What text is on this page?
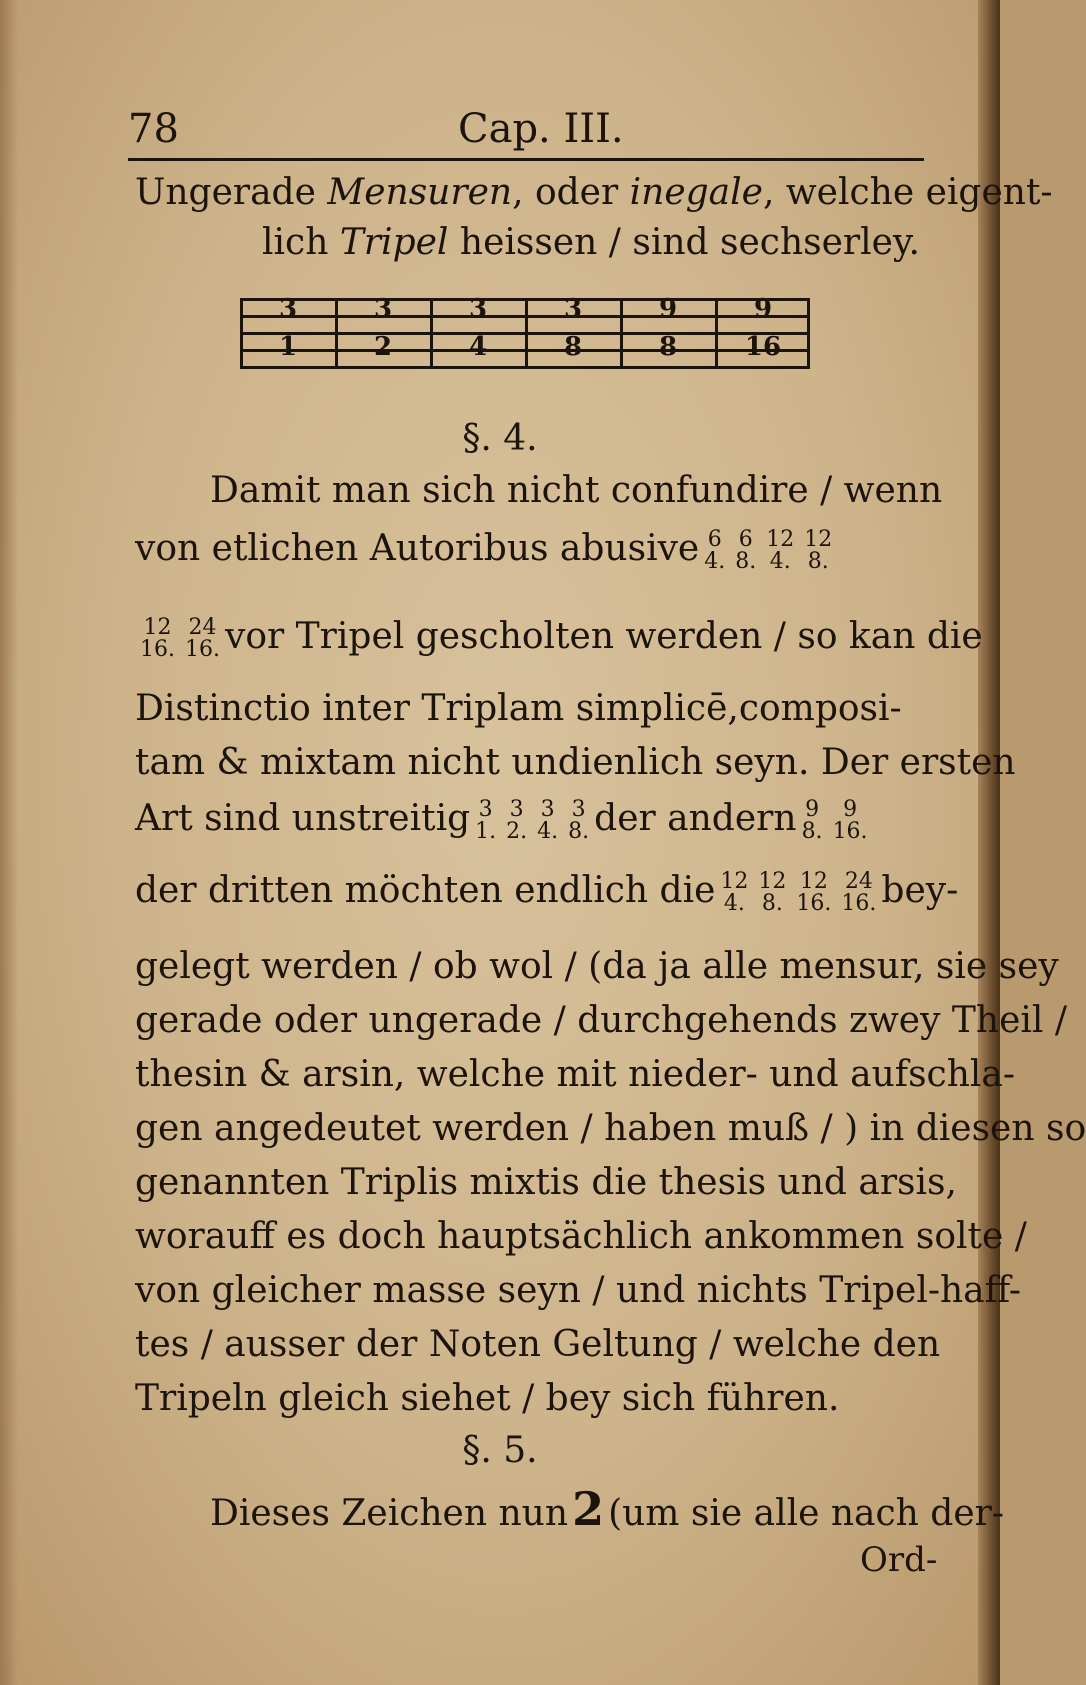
78	Cap. III.
Ungerade Mensuren, oder inegale, welche eigent-
lich Tripel heissen / sind sechserley.
3
1
3
2
3
4
3
8
9
8
9
16
§. 4.
Damit man sich nicht confundire / wenn
von etlichen Autoribus abusive 6
4.
6
8.
12
4.
12
8.
12
16.
24
16. vor Tripel gescholten werden / so kan die
Distinctio inter Triplam simplicē,composi-
tam & mixtam nicht undienlich seyn. Der ersten
Art sind unstreitig 3
1.
3
2.
3
4.
3
8. der andern 9
8.
9
16.
der dritten möchten endlich die 12
4.
12
8.
12
16.
24
16. bey-
gelegt werden / ob wol / (da ja alle mensur, sie sey
gerade oder ungerade / durchgehends zwey Theil /
thesin & arsin, welche mit nieder- und aufschla-
gen angedeutet werden / haben muß / ) in diesen so
genannten Triplis mixtis die thesis und arsis,
worauff es doch hauptsächlich ankommen solte /
von gleicher masse seyn / und nichts Tripel-haff-
tes / ausser der Noten Geltung / welche den
Tripeln gleich siehet / bey sich führen.
§. 5.
Dieses Zeichen nun2 (um sie alle nach der-
Ord-
